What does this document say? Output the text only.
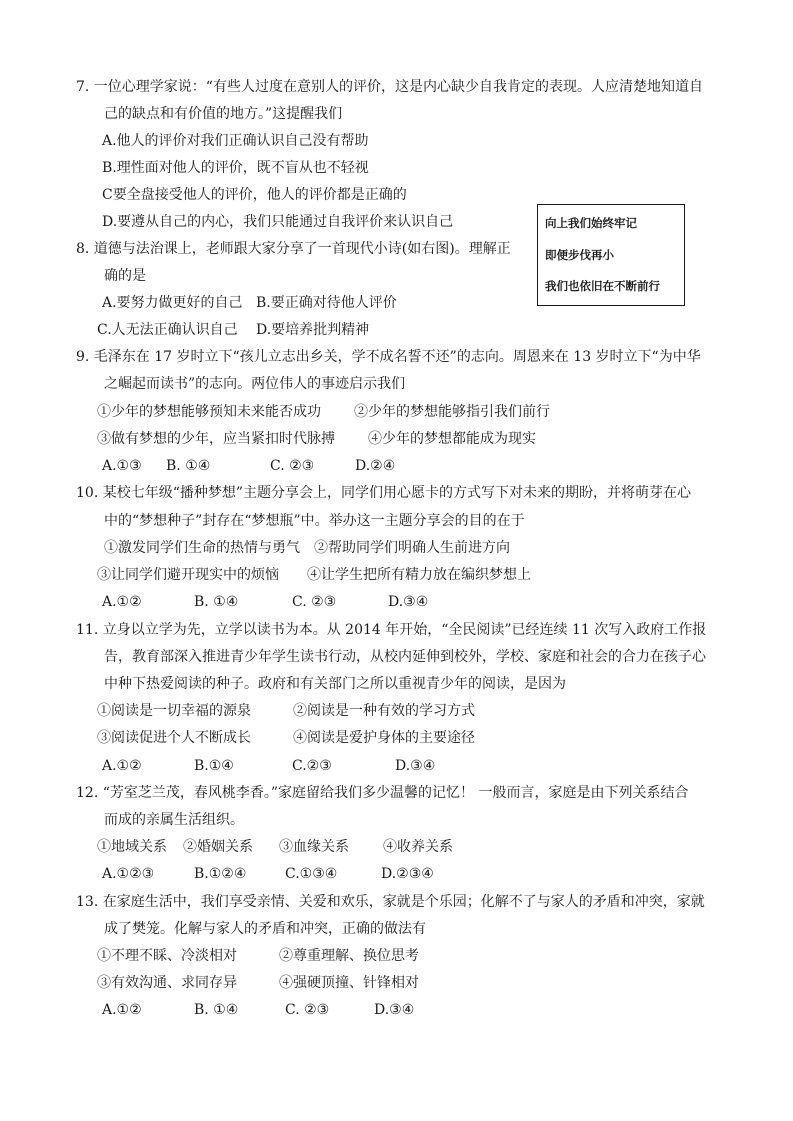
7. 一位心理学家说：“有些人过度在意别人的评价，这是内心缺少自我肯定的表现。人应清楚地知道自
己的缺点和有价值的地方。”这提醒我们
A.他人的评价对我们正确认识自己没有帮助
B.理性面对他人的评价，既不盲从也不轻视
C要全盘接受他人的评价，他人的评价都是正确的
D.要遵从自己的内心，我们只能通过自我评价来认识自己	向上我们始终牢记
即便步伐再小
我们也依旧在不断前行
8. 道德与法治课上，老师跟大家分享了一首现代小诗(如右图)。理解正
确的是
A.要努力做更好的自己 B.要正确对待他人评价
C.人无法正确认识自己 D.要培养批判精神
9. 毛泽东在 17 岁时立下“孩儿立志出乡关，学不成名誓不还”的志向。周恩来在 13 岁时立下“为中华
之崛起而读书”的志向。两位伟人的事迹启示我们
①少年的梦想能够预知未来能否成功 ②少年的梦想能够指引我们前行
③做有梦想的少年，应当紧扣时代脉搏 ④少年的梦想都能成为现实
A.①③ B. ①④	C. ②③	D.②④
10. 某校七年级“播种梦想”主题分享会上，同学们用心愿卡的方式写下对未来的期盼，并将萌芽在心
中的“梦想种子”封存在“梦想瓶”中。举办这一主题分享会的目的在于
①激发同学们生命的热情与勇气 ②帮助同学们明确人生前进方向
③让同学们避开现实中的烦恼 ④让学生把所有精力放在编织梦想上
A.①②	B. ①④	C. ②③	D.③④
11. 立身以立学为先，立学以读书为本。从 2014 年开始，“全民阅读”已经连续 11 次写入政府工作报
告，教育部深入推进青少年学生读书行动，从校内延伸到校外，学校、家庭和社会的合力在孩子心
中种下热爱阅读的种子。政府和有关部门之所以重视青少年的阅读，是因为
①阅读是一切幸福的源泉	②阅读是一种有效的学习方式
③阅读促进个人不断成长	④阅读是爱护身体的主要途径
A.①②	B.①④	C.②③	D.③④
12. “芳室芝兰茂，春风桃李香。”家庭留给我们多少温馨的记忆！ 一般而言，家庭是由下列关系结合
而成的亲属生活组织。
①地域关系 ②婚姻关系 ③血缘关系 ④收养关系
A.①②③	B.①②④	C.①③④	D.②③④
13. 在家庭生活中，我们享受亲情、关爱和欢乐，家就是个乐园；化解不了与家人的矛盾和冲突，家就
成了樊笼。化解与家人的矛盾和冲突，正确的做法有
①不理不睬、冷淡相对	②尊重理解、换位思考
③有效沟通、求同存异	④强硬顶撞、针锋相对
A.①②	B. ①④	C. ②③	D.③④
